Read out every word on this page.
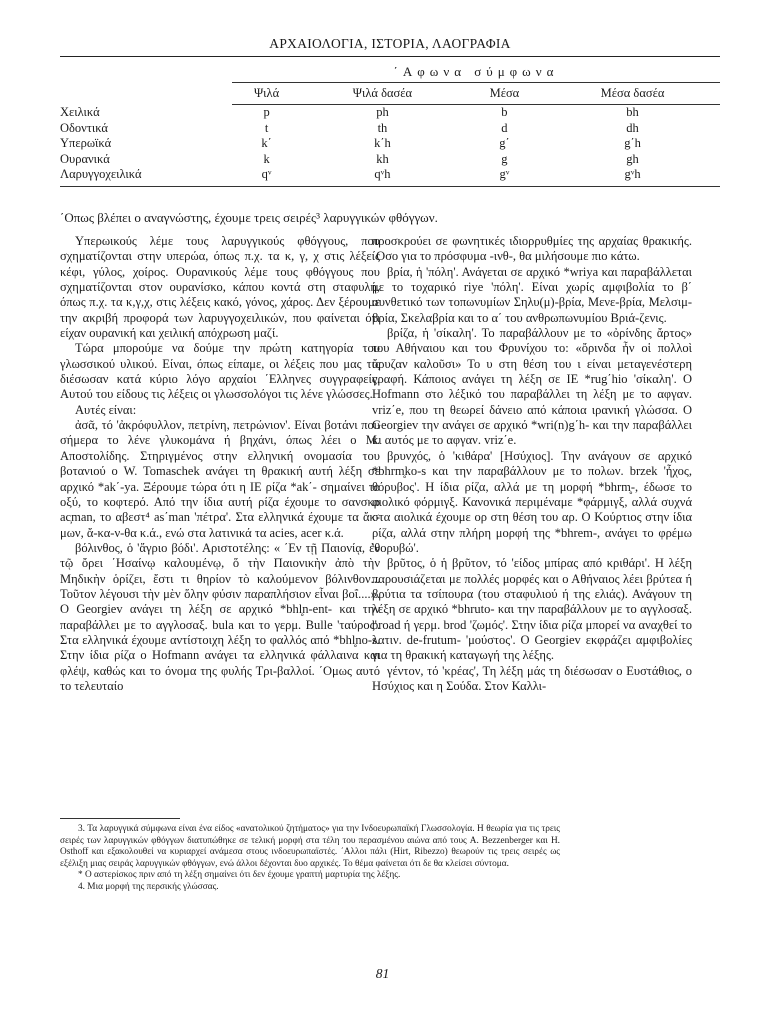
ΑΡΧΑΙΟΛΟΓΙΑ, ΙΣΤΟΡΙΑ, ΛΑΟΓΡΑΦΙΑ
	΄Αφωνα σύμφωνα			
	Ψιλά	Ψιλά δασέα	Μέσα	Μέσα δασέα
Χειλικά	p	ph	b	bh
Οδοντικά	t	th	d	dh
Υπερωϊκά	k΄	k΄h	g΄	g΄h
Ουρανικά	k	kh	g	gh
Λαρυγγοχειλικά	qᵛ	qᵛh	gᵛ	gᵛh

΄Οπως βλέπει ο αναγνώστης, έχουμε τρεις σειρές³ λαρυγγικών φθόγγων.

Υπερωικούς λέμε τους λαρυγγικούς φθόγγους, που σχηματίζονται στην υπερώα, όπως π.χ. τα κ, γ, χ στις λέξεις κέφι, γύλος, χοίρος. Ουρανικούς λέμε τους φθόγγους που σχηματίζονται στον ουρανίσκο, κάπου κοντά στη σταφυλή, όπως π.χ. τα κ,γ,χ, στις λέξεις κακό, γόνος, χάρος. Δεν ξέρουμε την ακριβή προφορά των λαρυγγοχειλικών, που φαίνεται ότι είχαν ουρανική και χειλική απόχρωση μαζί.

Τώρα μπορούμε να δούμε την πρώτη κατηγορία του γλωσσικού υλικού. Είναι, όπως είπαμε, οι λέξεις που μας τις διέσωσαν κατά κύριο λόγο αρχαίοι ΄Ελληνες συγγραφείς. Αυτού του είδους τις λέξεις οι γλωσσολόγοι τις λένε γλώσσες.

Αυτές είναι:

ἀσᾶ, τό 'ἀκρόφυλλον, πετρίνη, πετρώνιον'. Είναι βοτάνι που σήμερα το λένε γλυκομάνα ή βηχάνι, όπως λέει ο Μ. Αποστολίδης. Στηριγμένος στην ελληνική ονομασία του βοτανιού ο W. Tomaschek ανάγει τη θρακική αυτή λέξη σε αρχικό *ak΄-ya. Ξέρουμε τώρα ότι η ΙΕ ρίζα *ak΄- σημαίνει το οξύ, το κοφτερό. Από την ίδια αυτή ρίζα έχουμε το σανσκρ ac̦man, το αβεστ⁴ as΄man 'πέτρα'. Στα ελληνικά έχουμε τα ἄκ-μων, ἄ-κα-ν-θα κ.ά., ενώ στα λατινικά τα acies, acer κ.ά.

βόλινθος, ὁ 'ἄγριο βόδι'. Αριστοτέλης: « ΄Εν τῇ Παιονίᾳ, ἐν τῷ ὄρει ΄Ησαίνῳ καλουμένῳ, ὅ τὴν Παιονικὴν ἀπὸ τὴν Μηδικὴν ὁρίζει, ἔστι τι θηρίον τὸ καλούμενον βόλινθον... Τοῦτον λέγουσι τὴν μὲν ὅλην φύσιν παραπλήσιον εἶναι βοΐ....». Ο Georgiev ανάγει τη λέξη σε αρχικό *bhl̥n-ent- και την παραβάλλει με το αγγλοσαξ. bula και το γερμ. Bulle 'ταύρος'. Στα ελληνικά έχουμε αντίστοιχη λέξη το φαλλός από *bhl̥no-s. Στην ίδια ρίζα ο Hofmann ανάγει τα ελληνικά φάλλαινα και φλέψ, καθώς και το όνομα της φυλής Τρι-βαλλοί. ΄Ομως αυτό το τελευταίο

προσκρούει σε φωνητικές ιδιορρυθμίες της αρχαίας θρακικής. ΄Οσο για το πρόσφυμα -ινθ-, θα μιλήσουμε πιο κάτω.

βρία, ἡ 'πόλη'. Ανάγεται σε αρχικό *wriya και παραβάλλεται με το τοχαρικό riye 'πόλη'. Είναι χωρίς αμφιβολία το β΄ συνθετικό των τοπωνυμίων Σηλυ(μ)-βρία, Μενε-βρία, Μελσιμ-βρία, Σκελαβρία και το α΄ του ανθρωπωνυμίου Βριά-ζενις.

βρίζα, ἡ 'σίκαλη'. Το παραβάλλουν με το «ὀρίνδης ἄρτος» του Αθήναιου και του Φρυνίχου το: «ὄρινδα ἦν οἱ πολλοὶ ὄρυζαν καλοῦσι» Το υ στη θέση του ι είναι μεταγενέστερη γραφή. Κάποιος ανάγει τη λέξη σε ΙΕ *rug΄hio 'σίκαλη'. Ο Hofmann στο λέξικό του παραβάλλει τη λέξη με το αφγαν. vriz΄e, που τη θεωρεί δάνειο από κάποια ιρανική γλώσσα. Ο Georgiev την ανάγει σε αρχικό *wri(n)g΄h- και την παραβάλλει κι αυτός με το αφγαν. vriz΄e.

βρυνχός, ὁ 'κιθάρα' [Ησύχιος]. Την ανάγουν σε αρχικό *bhrm̥ko-s και την παραβάλλουν με το πολων. brzek 'ἦχος, θόρυβος'. Η ίδια ρίζα, αλλά με τη μορφή *bhrm̥-, έδωσε το αιολικό φόρμιγξ. Κανονικά περιμέναμε *φάρμιγξ, αλλά συχνά στα αιολικά έχουμε ορ στη θέση του αρ. Ο Κούρτιος στην ίδια ρίζα, αλλά στην πλήρη μορφή της *bhrem-, ανάγει το φρέμω 'θορυβώ'.

βρῦτος, ὁ ἡ βρῦτον, τό 'είδος μπίρας από κριθάρι'. Η λέξη παρουσιάζεται με πολλές μορφές και ο Αθήναιος λέει βρύτεα ή βρύτια τα τσίπουρα (του σταφυλιού ή της ελιάς). Ανάγουν τη λέξη σε αρχικό *bhruto- και την παραβάλλουν με το αγγλοσαξ. broad ή γερμ. brod 'ζωμός'. Στην ίδια ρίζα μπορεί να αναχθεί το λατιν. de-frutum- 'μούστος'. Ο Georgiev εκφράζει αμφιβολίες για τη θρακική καταγωγή της λέξης.

γέντον, τό 'κρέας', Τη λέξη μάς τη διέσωσαν ο Ευστάθιος, ο Ησύχιος και η Σούδα. Στον Καλλι-

3. Τα λαρυγγικά σύμφωνα είναι ένα είδος «ανατολικού ζητήματος» για την Ινδοευρωπαϊκή Γλωσσολογία. Η θεωρία για τις τρεις σειρές των λαρυγγικών φθόγγων διατυπώθηκε σε τελική μορφή στα τέλη του περασμένου αιώνα από τους A. Bezzenberger και H. Osthoff και εξακολουθεί να κυριαρχεί ανάμεσα στους ινδοευρωπαϊστές. ΄Αλλοι πάλι (Hirt, Ribezzo) θεωρούν τις τρεις σειρές ως εξέλιξη μιας σειράς λαρυγγικών φθόγγων, ενώ άλλοι δέχονται δυο αρχικές. Το θέμα φαίνεται ότι δε θα κλείσει σύντομα.

* Ο αστερίσκος πριν από τη λέξη σημαίνει ότι δεν έχουμε γραπτή μαρτυρία της λέξης.

4. Μια μορφή της περσικής γλώσσας.

81
